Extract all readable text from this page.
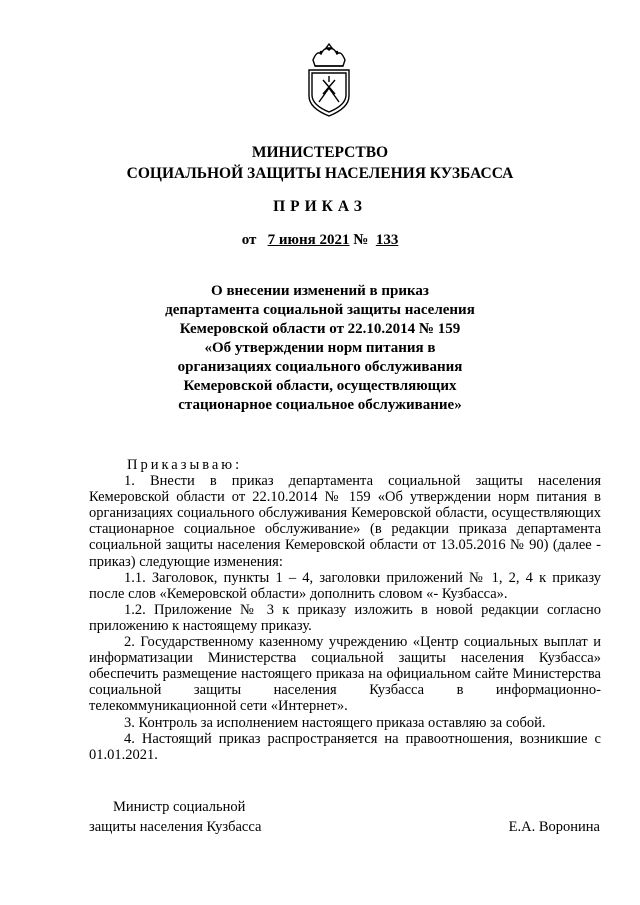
МИНИСТЕРСТВО
СОЦИАЛЬНОЙ ЗАЩИТЫ НАСЕЛЕНИЯ КУЗБАССА
ПРИКАЗ
от 7 июня 2021 № 133
О внесении изменений в приказ
департамента социальной защиты населения
Кемеровской области от 22.10.2014 № 159
«Об утверждении норм питания в
организациях социального обслуживания
Кемеровской области, осуществляющих
стационарное социальное обслуживание»

Приказываю:

1. Внести в приказ департамента социальной защиты населения Кемеровской области от 22.10.2014 № 159 «Об утверждении норм питания в организациях социального обслуживания Кемеровской области, осуществляющих стационарное социальное обслуживание» (в редакции приказа департамента социальной защиты населения Кемеровской области от 13.05.2016 № 90) (далее - приказ) следующие изменения:

1.1. Заголовок, пункты 1 – 4, заголовки приложений № 1, 2, 4 к приказу после слов «Кемеровской области» дополнить словом «- Кузбасса».

1.2. Приложение № 3 к приказу изложить в новой редакции согласно приложению к настоящему приказу.

2. Государственному казенному учреждению «Центр социальных выплат и информатизации Министерства социальной защиты населения Кузбасса» обеспечить размещение настоящего приказа на официальном сайте Министерства социальной защиты населения Кузбасса в информационно-телекоммуникационной сети «Интернет».

3. Контроль за исполнением настоящего приказа оставляю за собой.

4. Настоящий приказ распространяется на правоотношения, возникшие с 01.01.2021.

Министр социальной
защиты населения Кузбасса	Е.А. Воронина
